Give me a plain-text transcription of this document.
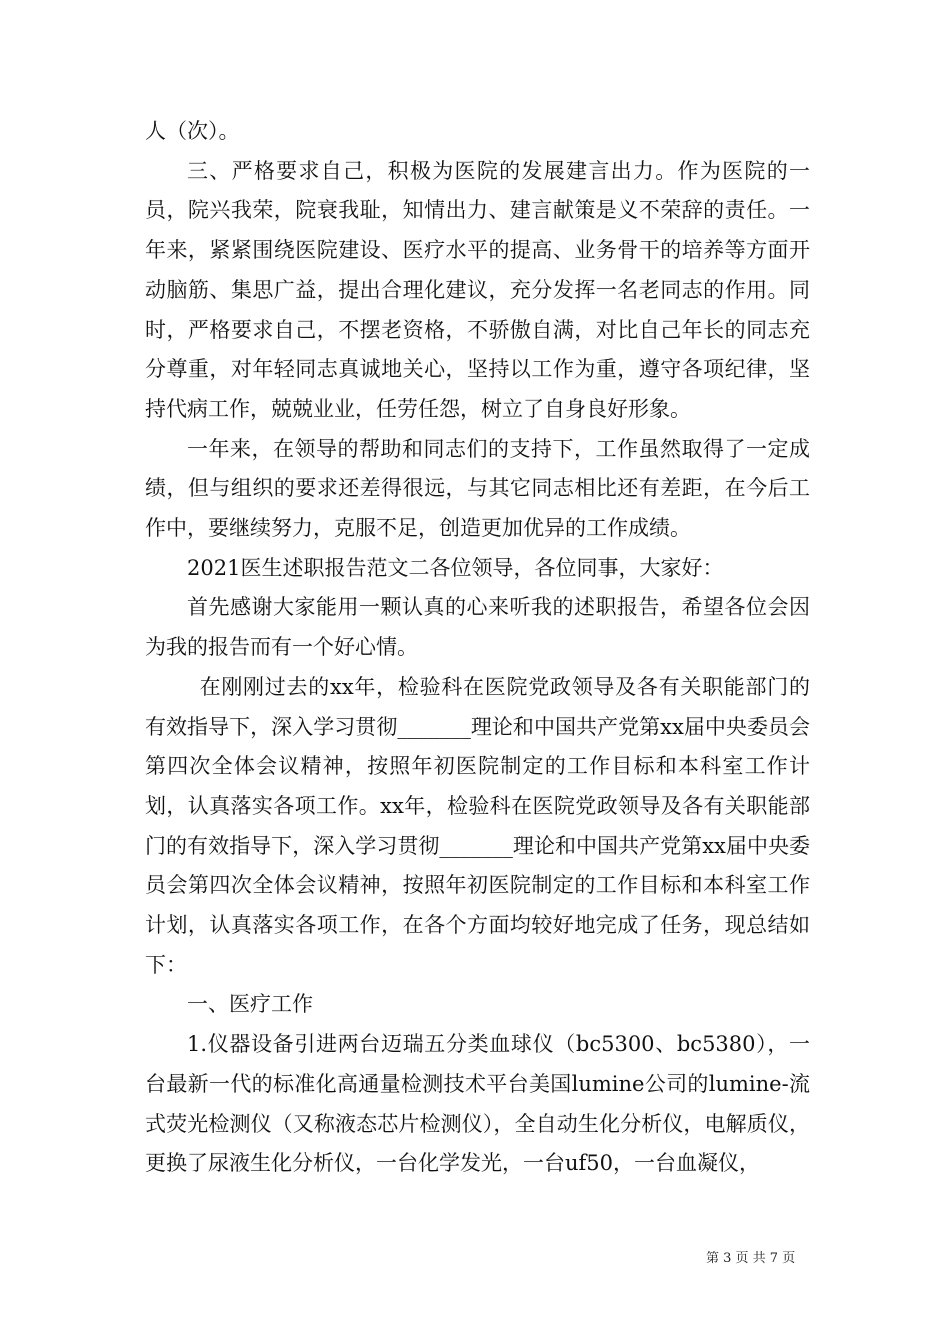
人（次）。

三、严格要求自己，积极为医院的发展建言出力。作为医院的一员，院兴我荣，院衰我耻，知情出力、建言献策是义不荣辞的责任。一年来，紧紧围绕医院建设、医疗水平的提高、业务骨干的培养等方面开动脑筋、集思广益，提出合理化建议，充分发挥一名老同志的作用。同时，严格要求自己，不摆老资格，不骄傲自满，对比自己年长的同志充分尊重，对年轻同志真诚地关心，坚持以工作为重，遵守各项纪律，坚持代病工作，兢兢业业，任劳任怨，树立了自身良好形象。

一年来，在领导的帮助和同志们的支持下，工作虽然取得了一定成绩，但与组织的要求还差得很远，与其它同志相比还有差距，在今后工作中，要继续努力，克服不足，创造更加优异的工作成绩。

2021医生述职报告范文二各位领导，各位同事，大家好：

首先感谢大家能用一颗认真的心来听我的述职报告，希望各位会因为我的报告而有一个好心情。

在刚刚过去的xx年，检验科在医院党政领导及各有关职能部门的有效指导下，深入学习贯彻_______理论和中国共产党第xx届中央委员会第四次全体会议精神，按照年初医院制定的工作目标和本科室工作计划，认真落实各项工作。xx年，检验科在医院党政领导及各有关职能部门的有效指导下，深入学习贯彻_______理论和中国共产党第xx届中央委员会第四次全体会议精神，按照年初医院制定的工作目标和本科室工作计划，认真落实各项工作，在各个方面均较好地完成了任务，现总结如下：

一、医疗工作

1.仪器设备引进两台迈瑞五分类血球仪（bc5300、bc5380），一台最新一代的标准化高通量检测技术平台美国lumine公司的lumine-流式荧光检测仪（又称液态芯片检测仪），全自动生化分析仪，电解质仪，更换了尿液生化分析仪，一台化学发光，一台uf50，一台血凝仪，

第 3 页 共 7 页
